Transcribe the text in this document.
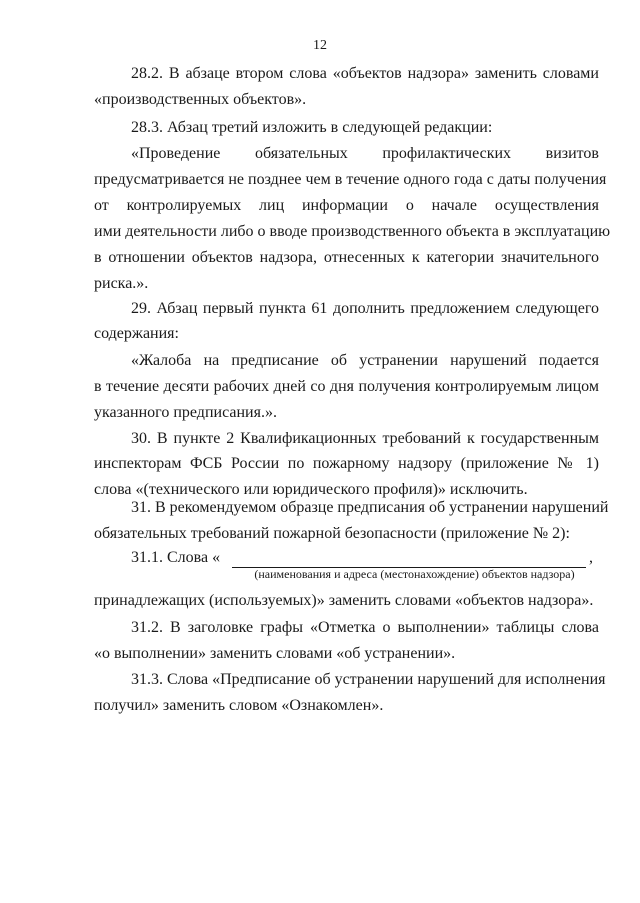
12
28.2. В абзаце втором слова «объектов надзора» заменить словами
«производственных объектов».
28.3. Абзац третий изложить в следующей редакции:
«Проведение обязательных профилактических визитов
предусматривается не позднее чем в течение одного года с даты получения
от контролируемых лиц информации о начале осуществления
ими деятельности либо о вводе производственного объекта в эксплуатацию
в отношении объектов надзора, отнесенных к категории значительного
риска.».
29. Абзац первый пункта 61 дополнить предложением следующего
содержания:
«Жалоба на предписание об устранении нарушений подается
в течение десяти рабочих дней со дня получения контролируемым лицом
указанного предписания.».
30. В пункте 2 Квалификационных требований к государственным
инспекторам ФСБ России по пожарному надзору (приложение № 1)
слова «(технического или юридического профиля)» исключить.
31. В рекомендуемом образце предписания об устранении нарушений
обязательных требований пожарной безопасности (приложение № 2):
31.1. Слова «	,
(наименования и адреса (местонахождение) объектов надзора)
принадлежащих (используемых)» заменить словами «объектов надзора».
31.2. В заголовке графы «Отметка о выполнении» таблицы слова
«о выполнении» заменить словами «об устранении».
31.3. Слова «Предписание об устранении нарушений для исполнения
получил» заменить словом «Ознакомлен».
